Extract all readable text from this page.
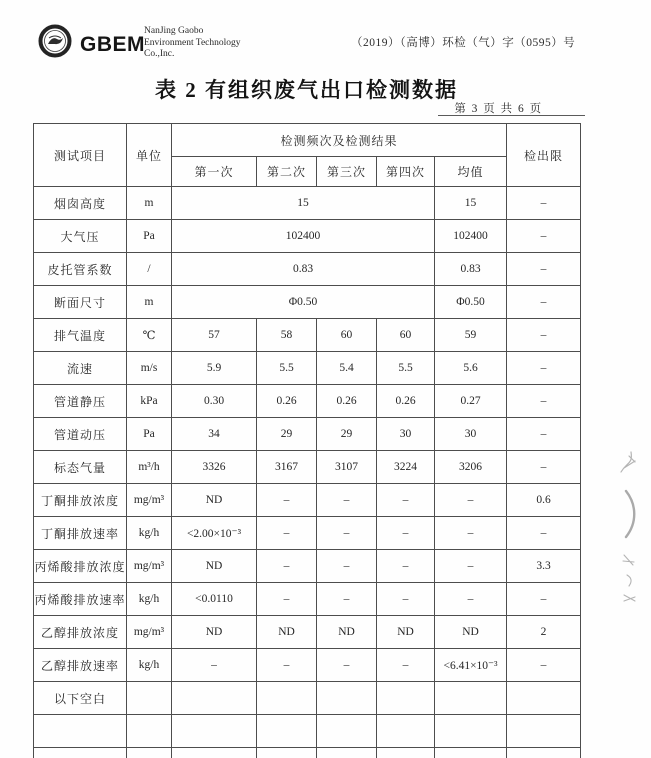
GBEM
NanJing Gaobo
Environment Technology
Co.,Inc.
（2019）（高博）环检（气）字（0595）号
表 2 有组织废气出口检测数据
第 3 页 共 6 页
测试项目	单位	检测频次及检测结果					检出限
		第一次	第二次	第三次	第四次	均值	
烟囱高度	m	15				15	–
大气压	Pa	102400				102400	–
皮托管系数	/	0.83				0.83	–
断面尺寸	m	Φ0.50				Φ0.50	–
排气温度	℃	57	58	60	60	59	–
流速	m/s	5.9	5.5	5.4	5.5	5.6	–
管道静压	kPa	0.30	0.26	0.26	0.26	0.27	–
管道动压	Pa	34	29	29	30	30	–
标态气量	m³/h	3326	3167	3107	3224	3206	–
丁酮排放浓度	mg/m³	ND	–	–	–	–	0.6
丁酮排放速率	kg/h	<2.00×10⁻³	–	–	–	–	–
丙烯酸排放浓度	mg/m³	ND	–	–	–	–	3.3
丙烯酸排放速率	kg/h	<0.0110	–	–	–	–	–
乙醇排放浓度	mg/m³	ND	ND	ND	ND	ND	2
乙醇排放速率	kg/h	–	–	–	–	<6.41×10⁻³	–
以下空白							
